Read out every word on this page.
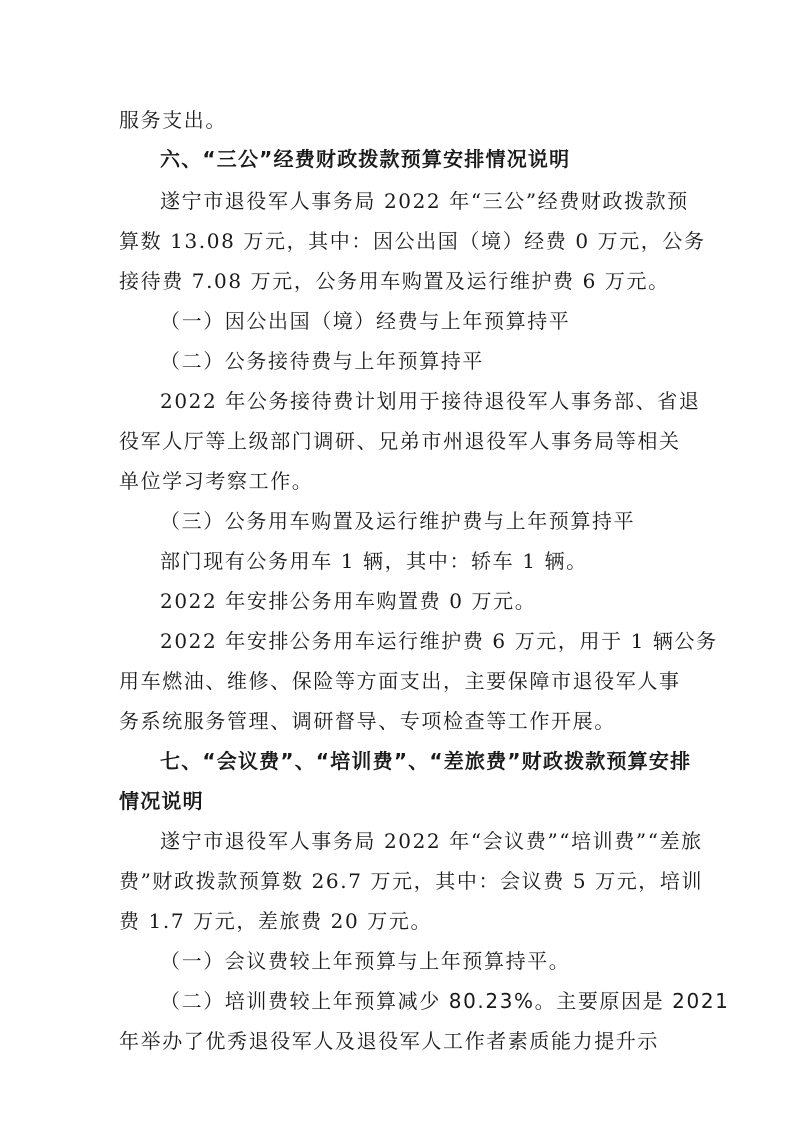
服务支出。
六、“三公”经费财政拨款预算安排情况说明
遂宁市退役军人事务局 2022 年“三公”经费财政拨款预
算数 13.08 万元，其中：因公出国（境）经费 0 万元，公务
接待费 7.08 万元，公务用车购置及运行维护费 6 万元。
（一）因公出国（境）经费与上年预算持平
（二）公务接待费与上年预算持平
2022 年公务接待费计划用于接待退役军人事务部、省退
役军人厅等上级部门调研、兄弟市州退役军人事务局等相关
单位学习考察工作。
（三）公务用车购置及运行维护费与上年预算持平
部门现有公务用车 1 辆，其中：轿车 1 辆。
2022 年安排公务用车购置费 0 万元。
2022 年安排公务用车运行维护费 6 万元，用于 1 辆公务
用车燃油、维修、保险等方面支出，主要保障市退役军人事
务系统服务管理、调研督导、专项检查等工作开展。
七、“会议费”、“培训费”、“差旅费”财政拨款预算安排
情况说明
遂宁市退役军人事务局 2022 年“会议费”“培训费”“差旅
费”财政拨款预算数 26.7 万元，其中：会议费 5 万元，培训
费 1.7 万元，差旅费 20 万元。
（一）会议费较上年预算与上年预算持平。
（二）培训费较上年预算减少 80.23%。主要原因是 2021
年举办了优秀退役军人及退役军人工作者素质能力提升示
